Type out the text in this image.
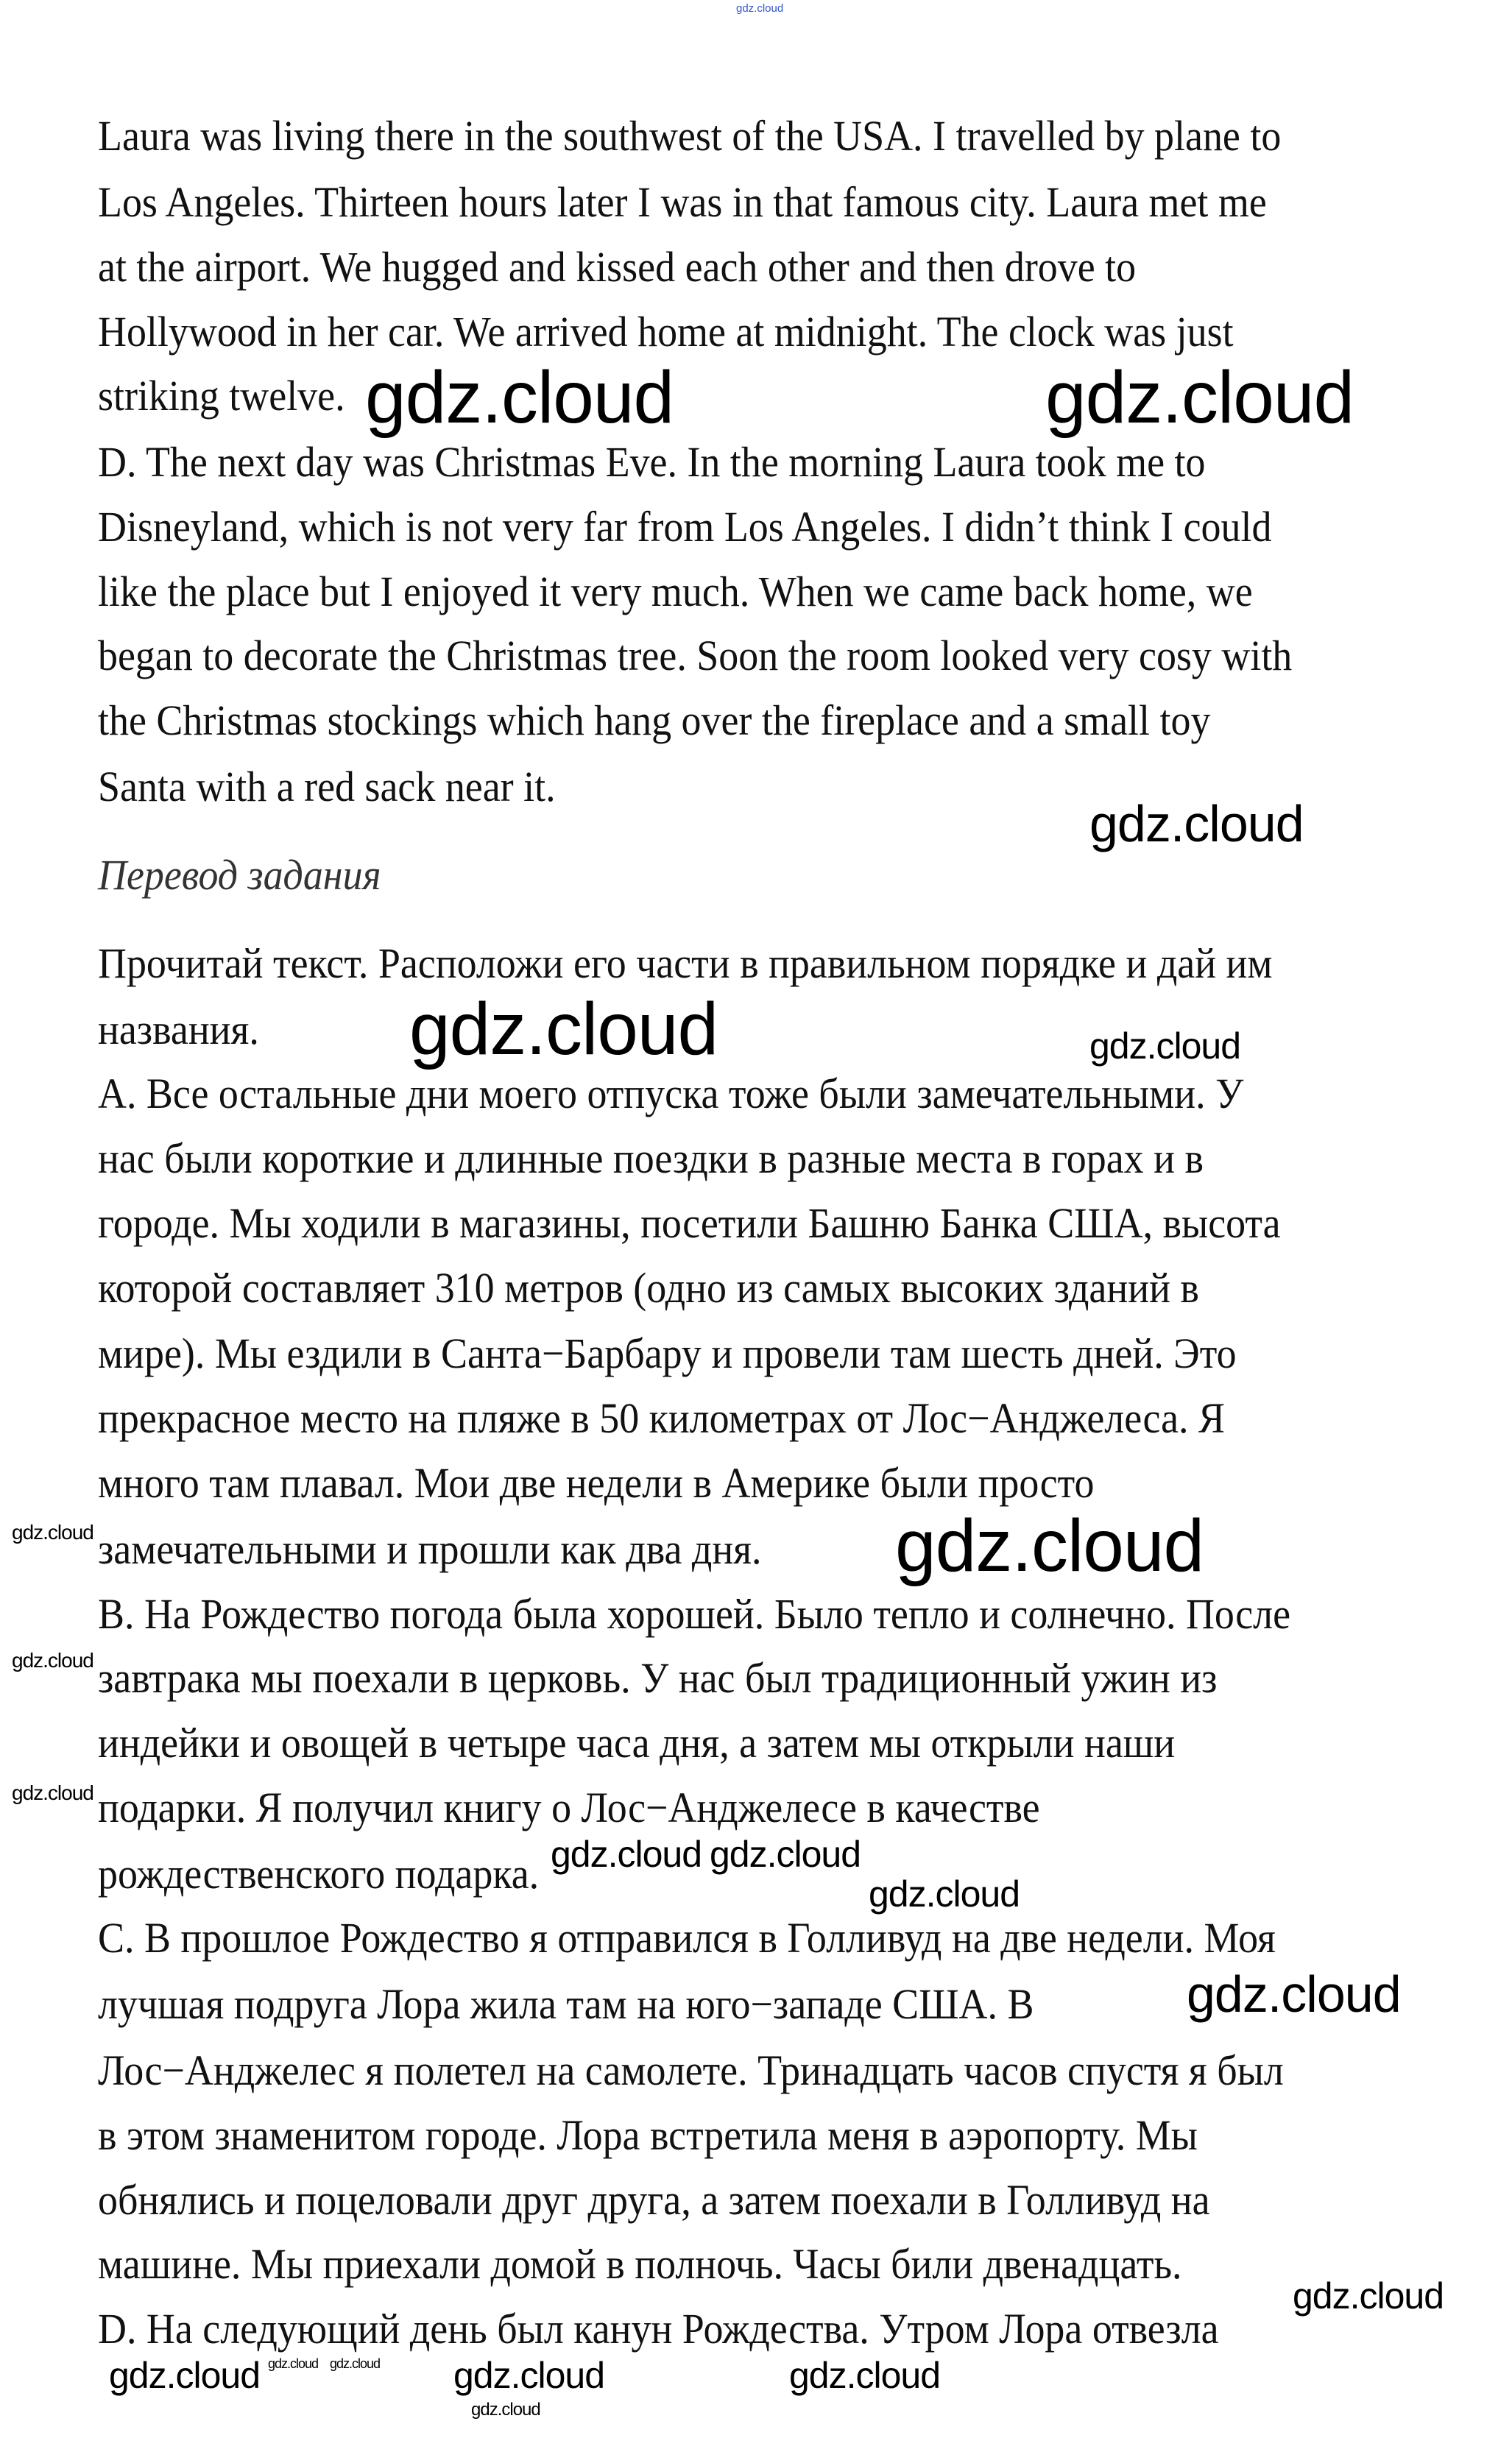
gdz.cloud
Laura was living there in the southwest of the USA. I travelled by plane to
Los Angeles. Thirteen hours later I was in that famous city. Laura met me
at the airport. We hugged and kissed each other and then drove to
Hollywood in her car. We arrived home at midnight. The clock was just
striking twelve.
D. The next day was Christmas Eve. In the morning Laura took me to
Disneyland, which is not very far from Los Angeles. I didn’t think I could
like the place but I enjoyed it very much. When we came back home, we
began to decorate the Christmas tree. Soon the room looked very cosy with
the Christmas stockings which hang over the fireplace and a small toy
Santa with a red sack near it.
Перевод задания
Прочитай текст. Расположи его части в правильном порядке и дай им
названия.
A. Все остальные дни моего отпуска тоже были замечательными. У
нас были короткие и длинные поездки в разные места в горах и в
городе. Мы ходили в магазины, посетили Башню Банка США, высота
которой составляет 310 метров (одно из самых высоких зданий в
мире). Мы ездили в Санта−Барбару и провели там шесть дней. Это
прекрасное место на пляже в 50 километрах от Лос−Анджелеса. Я
много там плавал. Мои две недели в Америке были просто
замечательными и прошли как два дня.
B. На Рождество погода была хорошей. Было тепло и солнечно. После
завтрака мы поехали в церковь. У нас был традиционный ужин из
индейки и овощей в четыре часа дня, а затем мы открыли наши
подарки. Я получил книгу о Лос−Анджелесе в качестве
рождественского подарка.
C. В прошлое Рождество я отправился в Голливуд на две недели. Моя
лучшая подруга Лора жила там на юго−западе США. В
Лос−Анджелес я полетел на самолете. Тринадцать часов спустя я был
в этом знаменитом городе. Лора встретила меня в аэропорту. Мы
обнялись и поцеловали друг друга, а затем поехали в Голливуд на
машине. Мы приехали домой в полночь. Часы били двенадцать.
D. На следующий день был канун Рождества. Утром Лора отвезла
gdz.cloud	gdz.cloud
gdz.cloud
gdz.cloud	gdz.cloud
gdz.cloud
gdz.cloud
gdz.cloud
gdz.cloud
gdz.cloud
gdz.cloud
gdz.cloud
gdz.cloud
gdz.cloud	gdz.cloud	gdz.cloud
gdz.cloud
gdz.cloud gdz.cloud
gdz.cloud
